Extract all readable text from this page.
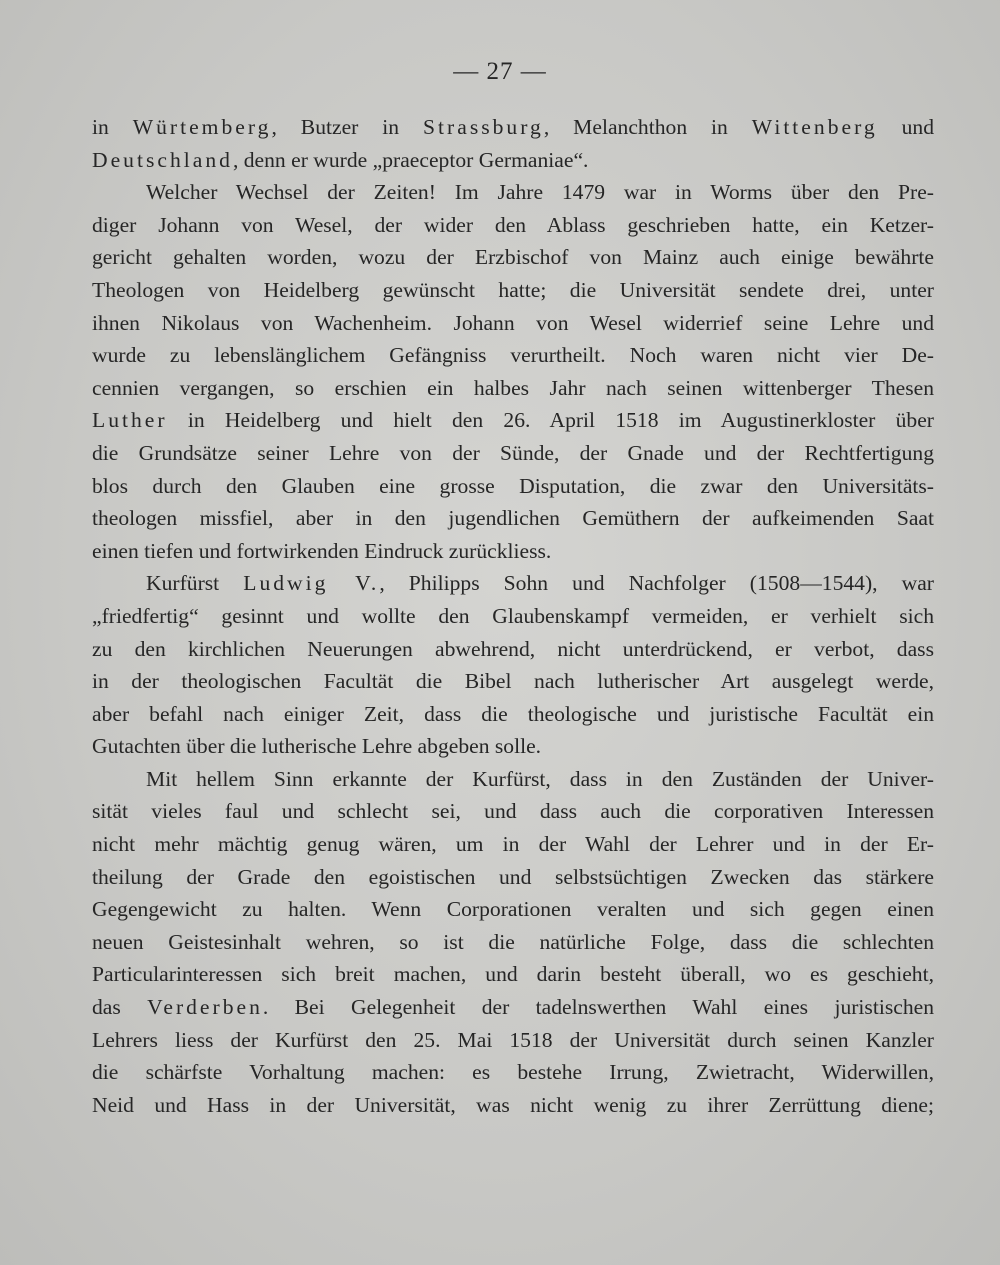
— 27 —
in Würtemberg, Butzer in Strassburg, Melanchthon in Wittenberg und
Deutschland, denn er wurde „praeceptor Germaniae“.
Welcher Wechsel der Zeiten! Im Jahre 1479 war in Worms über den Pre-
diger Johann von Wesel, der wider den Ablass geschrieben hatte, ein Ketzer-
gericht gehalten worden, wozu der Erzbischof von Mainz auch einige bewährte
Theologen von Heidelberg gewünscht hatte; die Universität sendete drei, unter
ihnen Nikolaus von Wachenheim. Johann von Wesel widerrief seine Lehre und
wurde zu lebenslänglichem Gefängniss verurtheilt. Noch waren nicht vier De-
cennien vergangen, so erschien ein halbes Jahr nach seinen wittenberger Thesen
Luther in Heidelberg und hielt den 26. April 1518 im Augustinerkloster über
die Grundsätze seiner Lehre von der Sünde, der Gnade und der Rechtfertigung
blos durch den Glauben eine grosse Disputation, die zwar den Universitäts-
theologen missfiel, aber in den jugendlichen Gemüthern der aufkeimenden Saat
einen tiefen und fortwirkenden Eindruck zurückliess.
Kurfürst Ludwig V., Philipps Sohn und Nachfolger (1508—1544), war
„friedfertig“ gesinnt und wollte den Glaubenskampf vermeiden, er verhielt sich
zu den kirchlichen Neuerungen abwehrend, nicht unterdrückend, er verbot, dass
in der theologischen Facultät die Bibel nach lutherischer Art ausgelegt werde,
aber befahl nach einiger Zeit, dass die theologische und juristische Facultät ein
Gutachten über die lutherische Lehre abgeben solle.
Mit hellem Sinn erkannte der Kurfürst, dass in den Zuständen der Univer-
sität vieles faul und schlecht sei, und dass auch die corporativen Interessen
nicht mehr mächtig genug wären, um in der Wahl der Lehrer und in der Er-
theilung der Grade den egoistischen und selbstsüchtigen Zwecken das stärkere
Gegengewicht zu halten. Wenn Corporationen veralten und sich gegen einen
neuen Geistesinhalt wehren, so ist die natürliche Folge, dass die schlechten
Particularinteressen sich breit machen, und darin besteht überall, wo es geschieht,
das Verderben. Bei Gelegenheit der tadelnswerthen Wahl eines juristischen
Lehrers liess der Kurfürst den 25. Mai 1518 der Universität durch seinen Kanzler
die schärfste Vorhaltung machen: es bestehe Irrung, Zwietracht, Widerwillen,
Neid und Hass in der Universität, was nicht wenig zu ihrer Zerrüttung diene;
